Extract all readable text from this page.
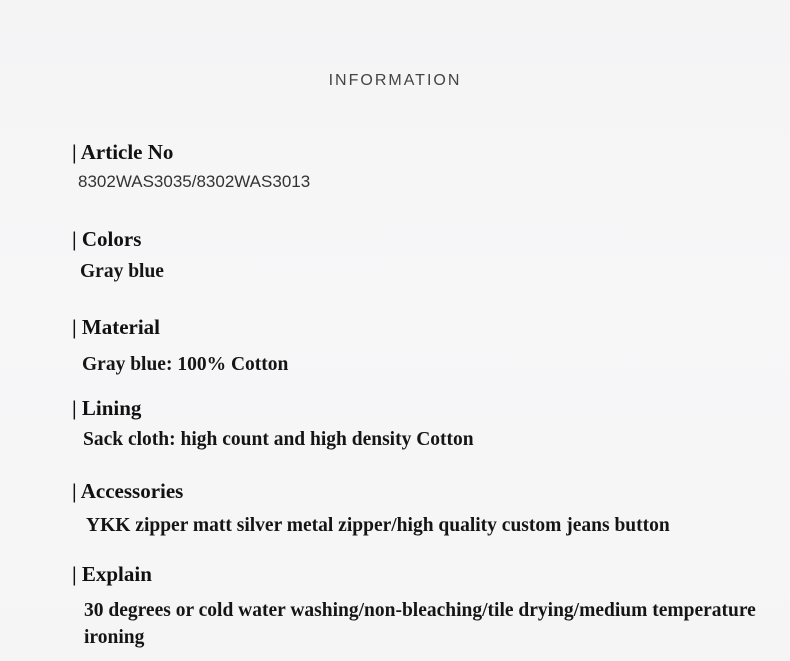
INFORMATION
| Article No
8302WAS3035/8302WAS3013
| Colors
Gray blue
| Material
Gray blue: 100% Cotton
| Lining
Sack cloth: high count and high density Cotton
| Accessories
YKK zipper matt silver metal zipper/high quality custom jeans button
| Explain
30 degrees or cold water washing/non-bleaching/tile drying/medium temperature ironing
